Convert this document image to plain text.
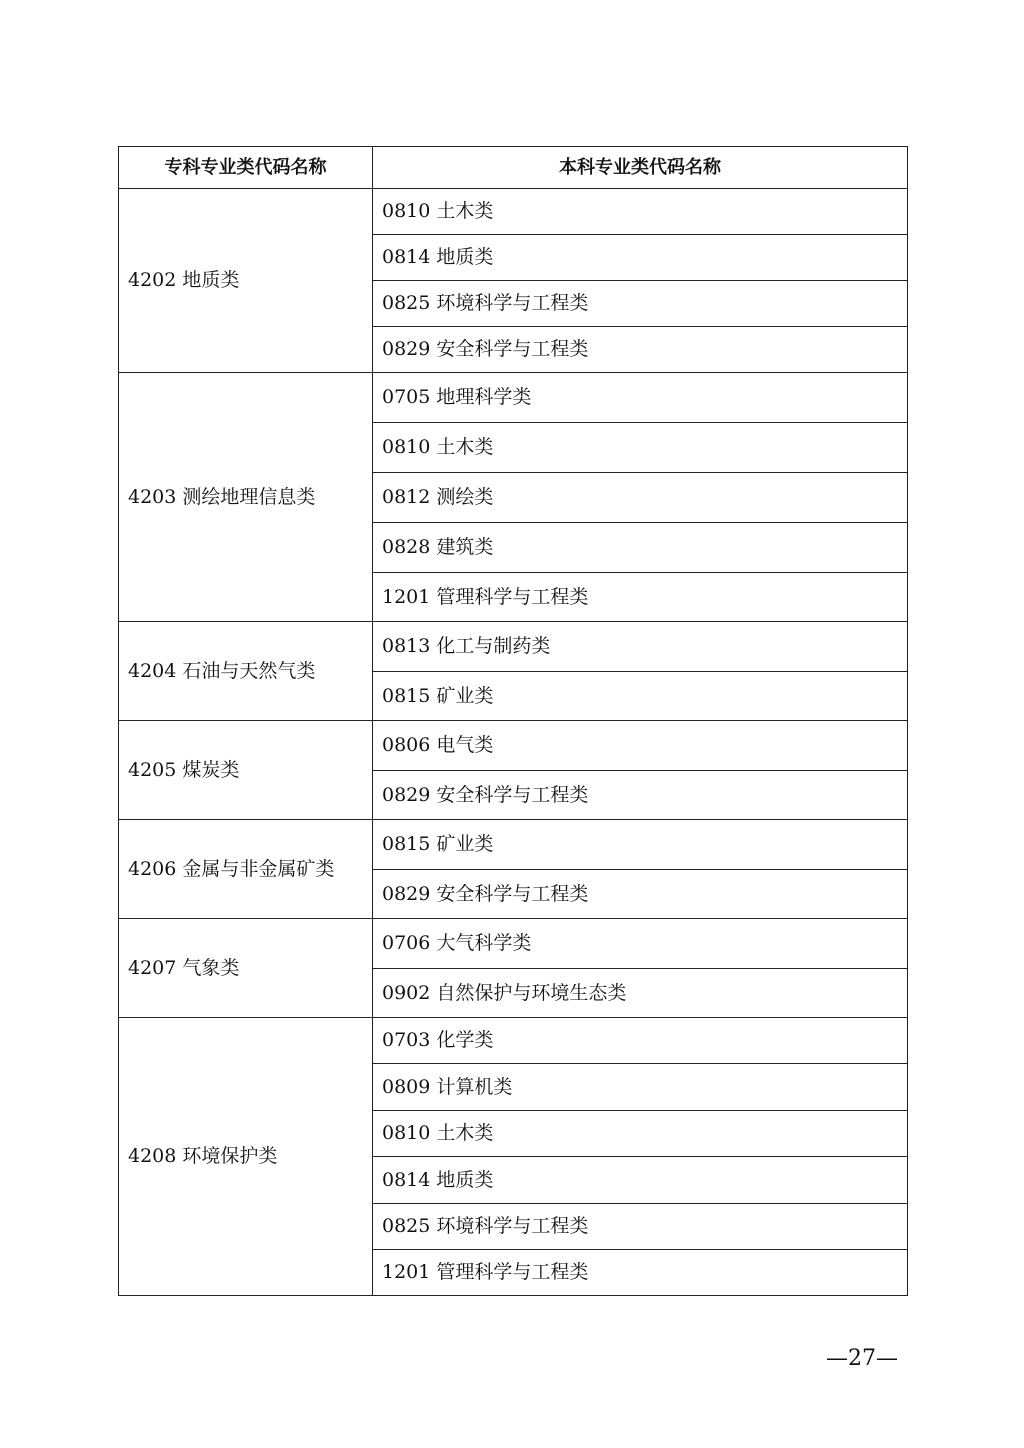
专科专业类代码名称	本科专业类代码名称
4202 地质类	0810 土木类
	0814 地质类
	0825 环境科学与工程类
	0829 安全科学与工程类
4203 测绘地理信息类	0705 地理科学类
	0810 土木类
	0812 测绘类
	0828 建筑类
	1201 管理科学与工程类
4204 石油与天然气类	0813 化工与制药类
	0815 矿业类
4205 煤炭类	0806 电气类
	0829 安全科学与工程类
4206 金属与非金属矿类	0815 矿业类
	0829 安全科学与工程类
4207 气象类	0706 大气科学类
	0902 自然保护与环境生态类
4208 环境保护类	0703 化学类
	0809 计算机类
	0810 土木类
	0814 地质类
	0825 环境科学与工程类
	1201 管理科学与工程类
—27—
